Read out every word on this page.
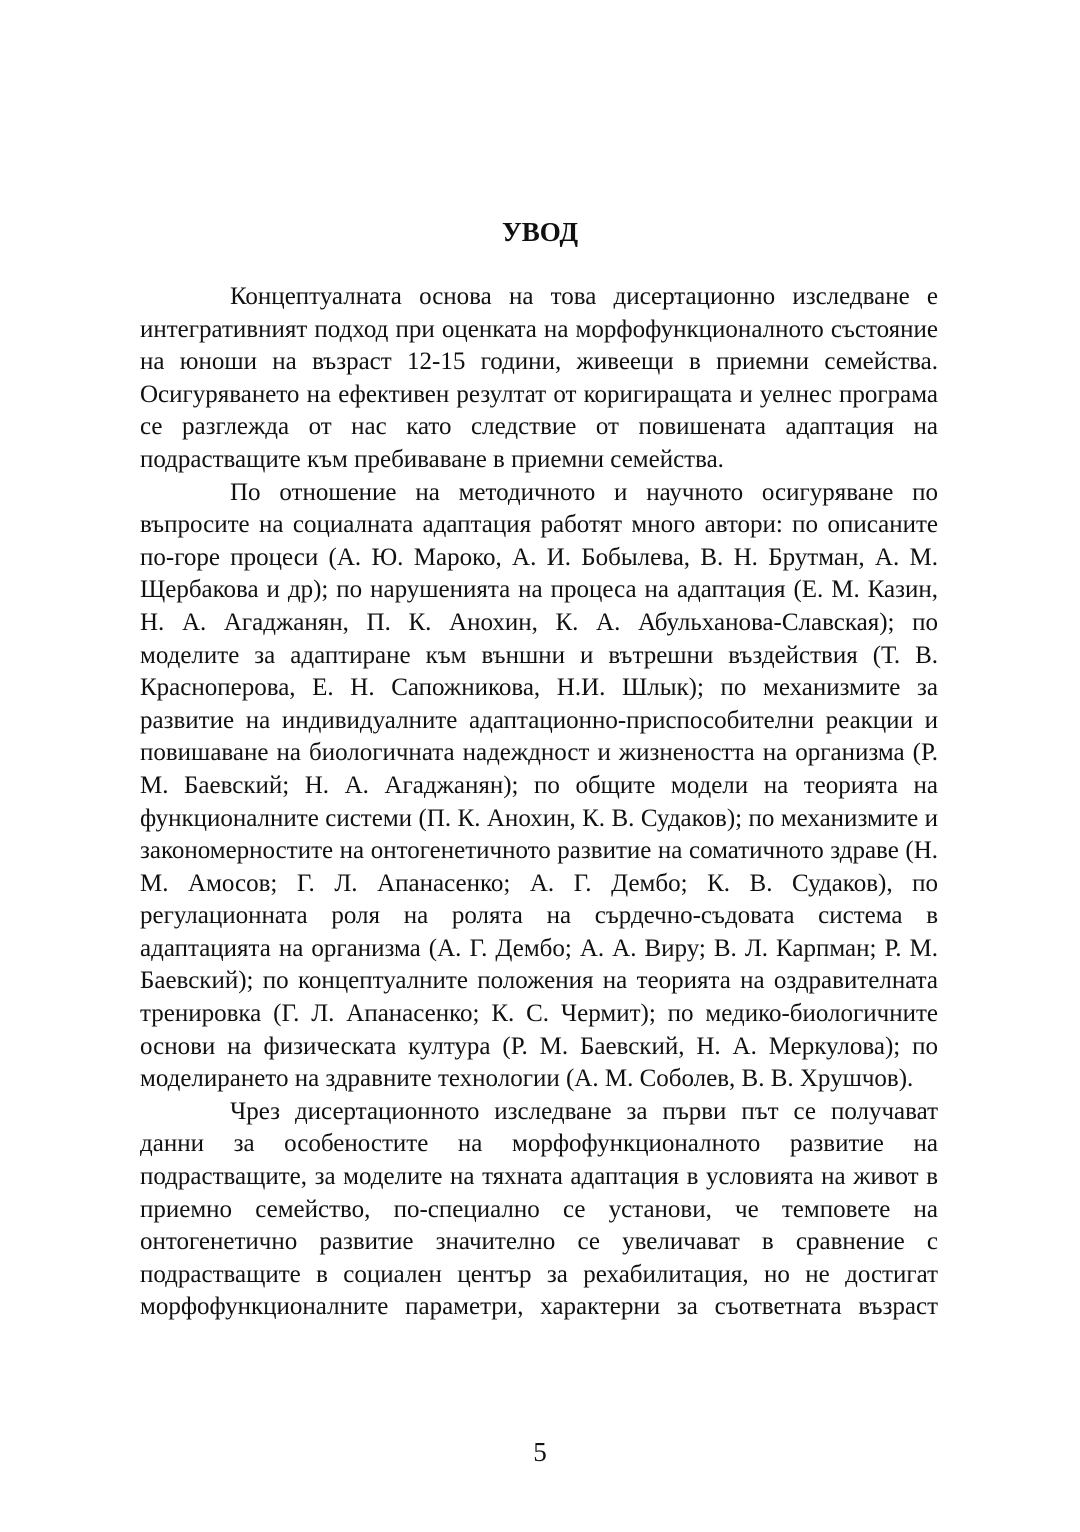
УВОД

Концептуалната основа на това дисертационно изследване е интегративният подход при оценката на морфофункционалното състояние на юноши на възраст 12-15 години, живеещи в приемни семейства. Осигуряването на ефективен резултат от коригиращата и уелнес програма се разглежда от нас като следствие от повишената адаптация на подрастващите към пребиваване в приемни семейства.

По отношение на методичното и научното осигуряване по въпросите на социалната адаптация работят много автори: по описаните по-горе процеси (А. Ю. Мароко, А. И. Бобылева, В. Н. Брутман, А. М. Щербакова и др); по нарушенията на процеса на адаптация (Е. М. Казин, Н. А. Агаджанян, П. К. Анохин, К. А. Абульханова-Славская); по моделите за адаптиране към външни и вътрешни въздействия (Т. В. Красноперова, Е. Н. Сапожникова, Н.И. Шлык); по механизмите за развитие на индивидуалните адаптационно-приспособителни реакции и повишаване на биологичната надеждност и жизнеността на организма (Р. М. Баевский; Н. А. Агаджанян); по общите модели на теорията на функционалните системи (П. К. Анохин, К. В. Судаков); по механизмите и закономерностите на онтогенетичното развитие на соматичното здраве (Н. М. Амосов; Г. Л. Апанасенко; А. Г. Дембо; К. В. Судаков), по регулационната роля на ролята на сърдечно-съдовата система в адаптацията на организма (А. Г. Дембо; А. А. Виру; В. Л. Карпман; Р. М. Баевский); по концептуалните положения на теорията на оздравителната тренировка (Г. Л. Апанасенко; К. С. Чермит); по медико-биологичните основи на физическата култура (Р. М. Баевский, Н. А. Меркулова); по моделирането на здравните технологии (А. М. Соболев, В. В. Хрушчов).

Чрез дисертационното изследване за първи път се получават данни за особеностите на морфофункционалното развитие на подрастващите, за моделите на тяхната адаптация в условията на живот в приемно семейство, по-специално се установи, че темповете на онтогенетично развитие значително се увеличават в сравнение с подрастващите в социален център за рехабилитация, но не достигат морфофункционалните параметри, характерни за съответната възраст

5
